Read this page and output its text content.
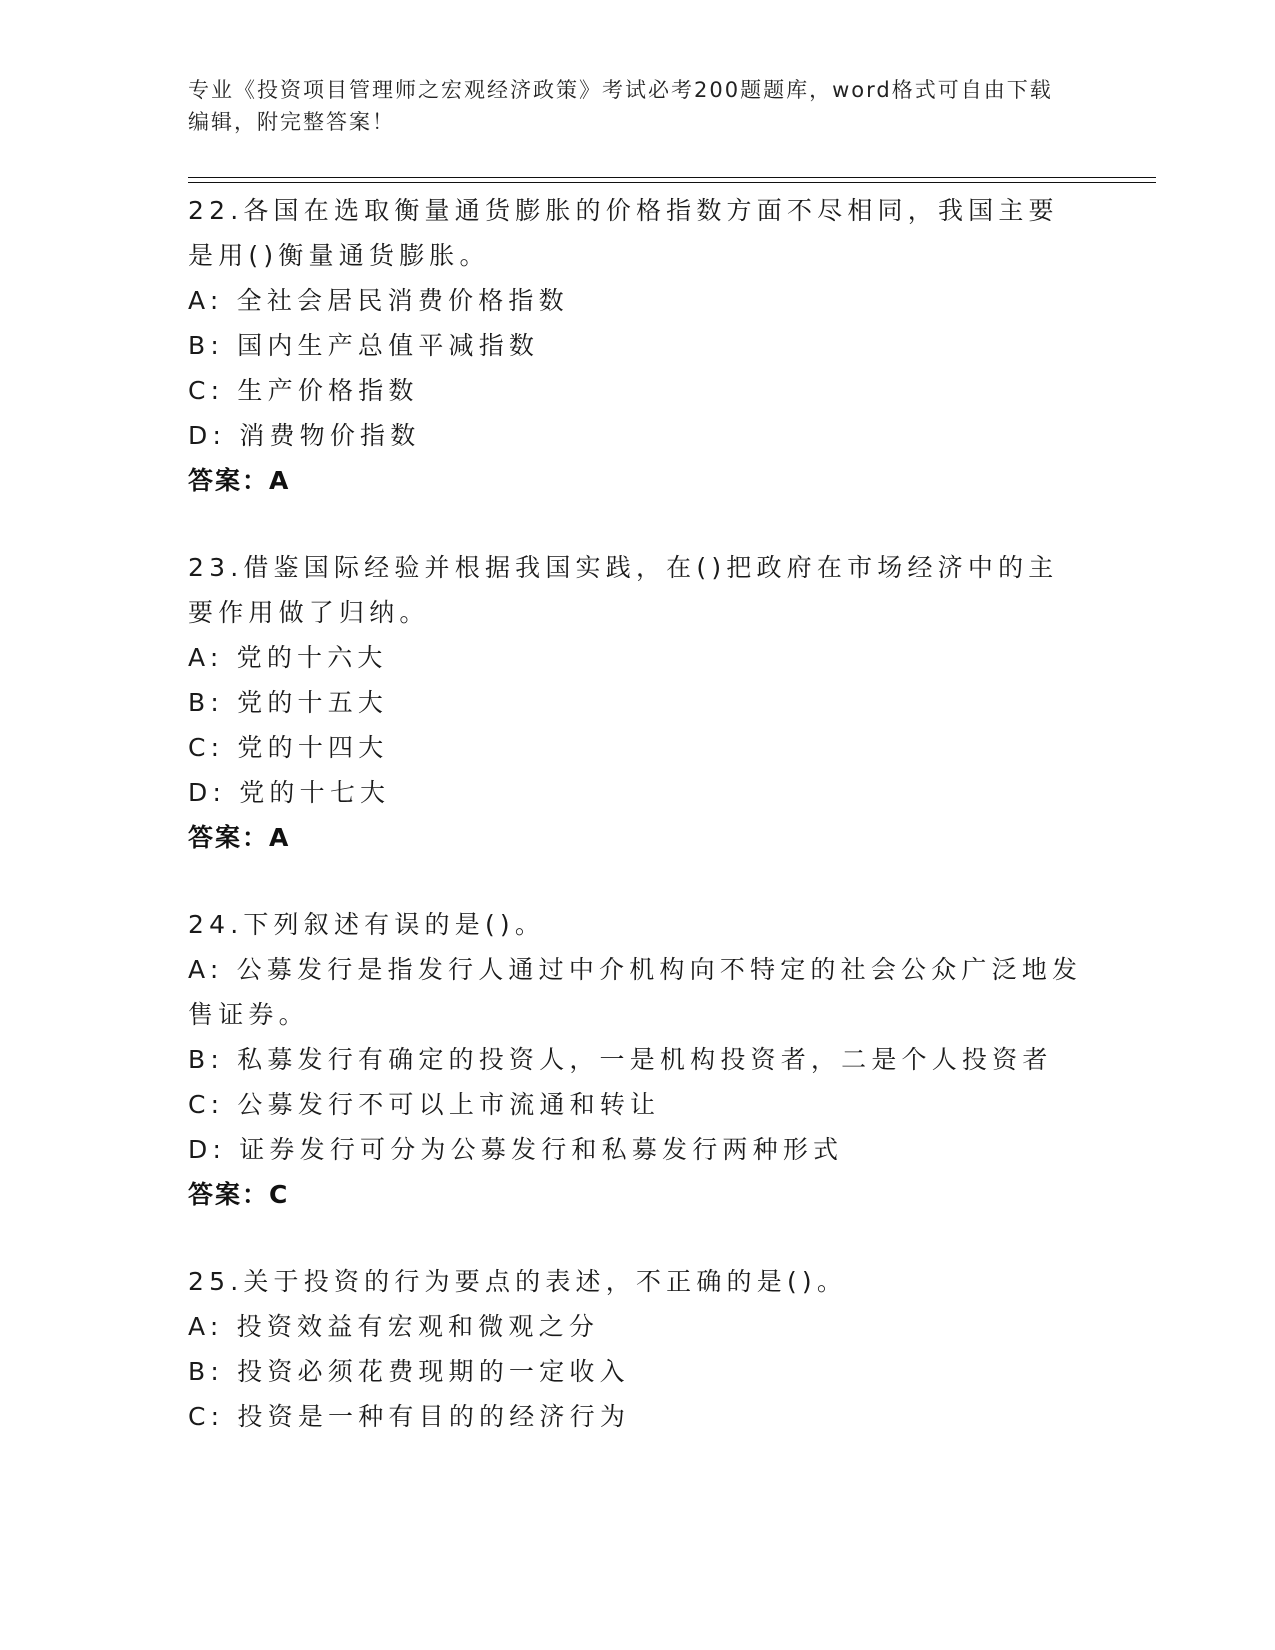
专业《投资项目管理师之宏观经济政策》考试必考200题题库，word格式可自由下载编辑，附完整答案！

22.各国在选取衡量通货膨胀的价格指数方面不尽相同，我国主要是用()衡量通货膨胀。

A: 全社会居民消费价格指数

B: 国内生产总值平减指数

C: 生产价格指数

D: 消费物价指数

答案：A

23.借鉴国际经验并根据我国实践，在()把政府在市场经济中的主要作用做了归纳。

A: 党的十六大

B: 党的十五大

C: 党的十四大

D: 党的十七大

答案：A

24.下列叙述有误的是()。

A: 公募发行是指发行人通过中介机构向不特定的社会公众广泛地发售证券。

B: 私募发行有确定的投资人，一是机构投资者，二是个人投资者

C: 公募发行不可以上市流通和转让

D: 证券发行可分为公募发行和私募发行两种形式

答案：C

25.关于投资的行为要点的表述，不正确的是()。

A: 投资效益有宏观和微观之分

B: 投资必须花费现期的一定收入

C: 投资是一种有目的的经济行为
